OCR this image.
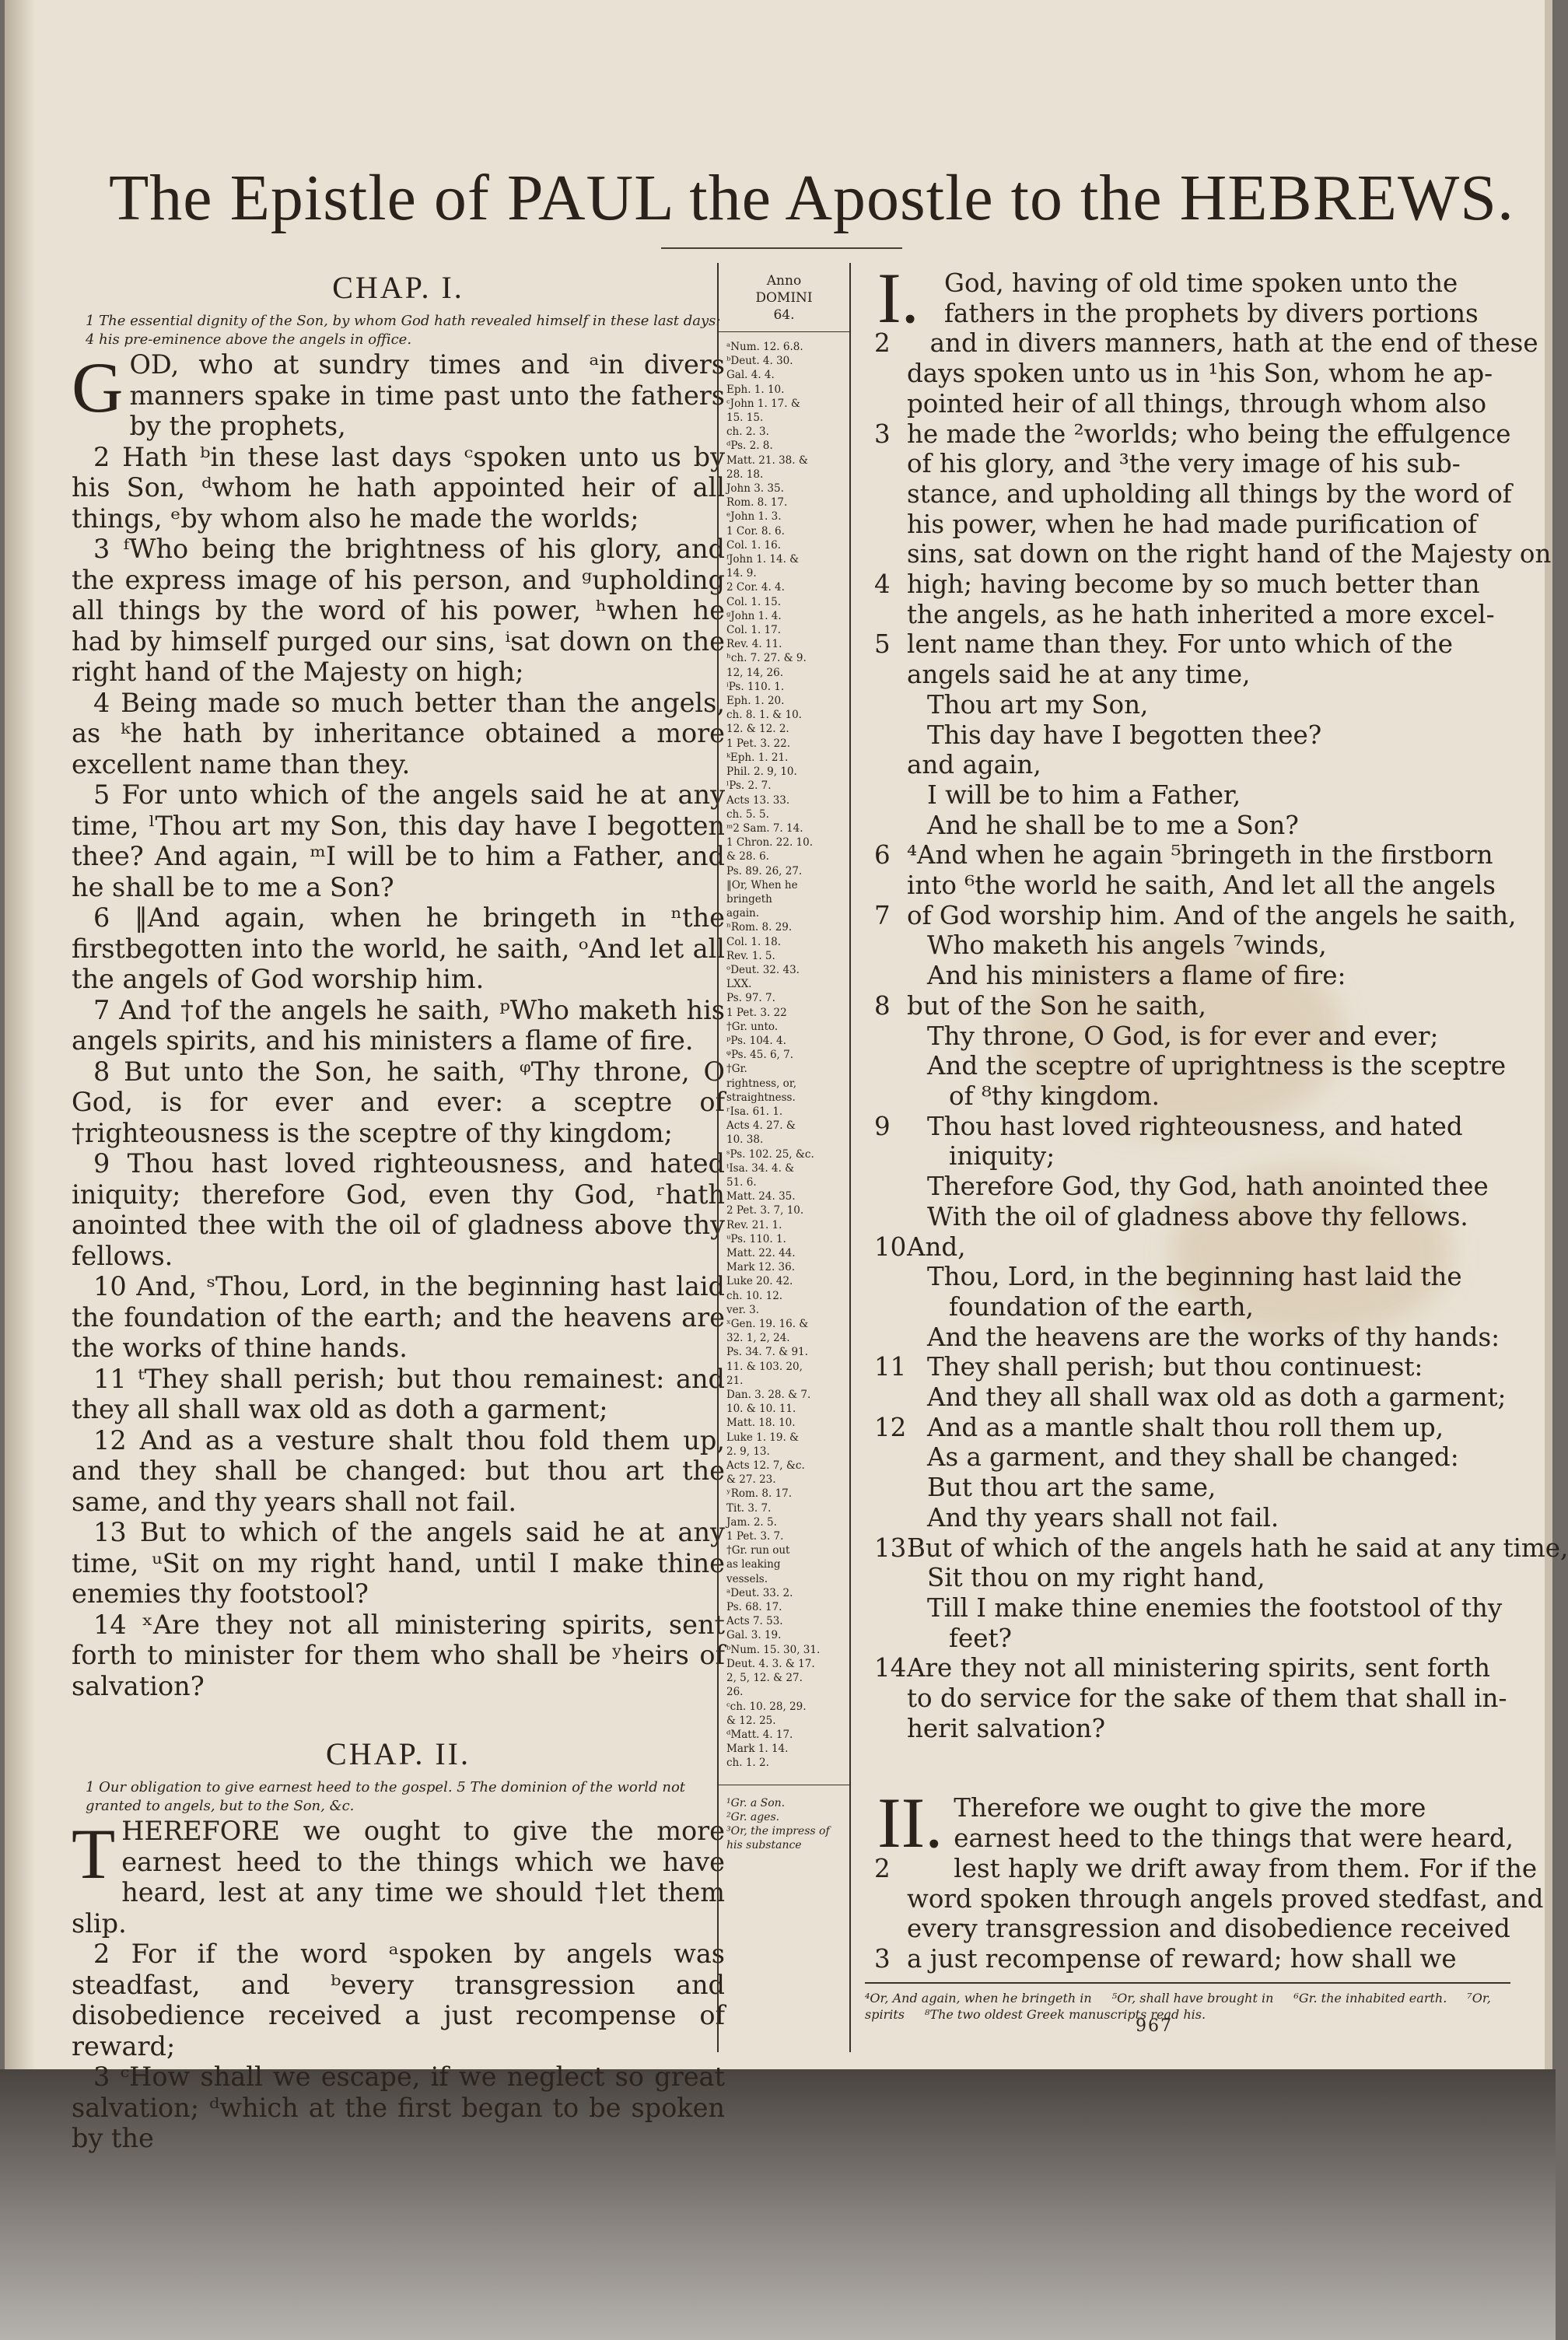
The Epistle of PAUL the Apostle to the HEBREWS.
CHAP. I.

1 The essential dignity of the Son, by whom God hath revealed himself in these last days: 4 his pre-eminence above the angels in office.

G OD, who at sundry times and ᵃin divers manners spake in time past unto the fathers by the prophets,

2 Hath ᵇin these last days ᶜspoken unto us by his Son, ᵈwhom he hath appointed heir of all things, ᵉby whom also he made the worlds;

3 ᶠWho being the brightness of his glory, and the express image of his person, and ᵍupholding all things by the word of his power, ʰwhen he had by himself purged our sins, ⁱsat down on the right hand of the Majesty on high;

4 Being made so much better than the angels, as ᵏhe hath by inheritance obtained a more excellent name than they.

5 For unto which of the angels said he at any time, ˡThou art my Son, this day have I begotten thee? And again, ᵐI will be to him a Father, and he shall be to me a Son?

6 ‖And again, when he bringeth in ⁿthe firstbegotten into the world, he saith, ᵒAnd let all the angels of God worship him.

7 And †of the angels he saith, ᵖWho maketh his angels spirits, and his ministers a flame of fire.

8 But unto the Son, he saith, ᵠThy throne, O God, is for ever and ever: a sceptre of †righteousness is the sceptre of thy kingdom;

9 Thou hast loved righteousness, and hated iniquity; therefore God, even thy God, ʳhath anointed thee with the oil of gladness above thy fellows.

10 And, ˢThou, Lord, in the beginning hast laid the foundation of the earth; and the heavens are the works of thine hands.

11 ᵗThey shall perish; but thou remainest: and they all shall wax old as doth a garment;

12 And as a vesture shalt thou fold them up, and they shall be changed: but thou art the same, and thy years shall not fail.

13 But to which of the angels said he at any time, ᵘSit on my right hand, until I make thine enemies thy footstool?

14 ˣAre they not all ministering spirits, sent forth to minister for them who shall be ʸheirs of salvation?

CHAP. II.

1 Our obligation to give earnest heed to the gospel. 5 The dominion of the world not granted to angels, but to the Son, &c.

T HEREFORE we ought to give the more earnest heed to the things which we have heard, lest at any time we should †let them slip.

2 For if the word ᵃspoken by angels was steadfast, and ᵇevery transgression and disobedience received a just recompense of reward;

3 ᶜHow shall we escape, if we neglect so great salvation; ᵈwhich at the first began to be spoken by the

Anno
DOMINI
64.
ᵃNum. 12. 6.8.
ᵇDeut. 4. 30.
Gal. 4. 4.
Eph. 1. 10.
ᶜJohn 1. 17. &
15. 15.
ch. 2. 3.
ᵈPs. 2. 8.
Matt. 21. 38. &
28. 18.
John 3. 35.
Rom. 8. 17.
ᵉJohn 1. 3.
1 Cor. 8. 6.
Col. 1. 16.
ᶠJohn 1. 14. &
14. 9.
2 Cor. 4. 4.
Col. 1. 15.
ᵍJohn 1. 4.
Col. 1. 17.
Rev. 4. 11.
ʰch. 7. 27. & 9.
12, 14, 26.
ⁱPs. 110. 1.
Eph. 1. 20.
ch. 8. 1. & 10.
12. & 12. 2.
1 Pet. 3. 22.
ᵏEph. 1. 21.
Phil. 2. 9, 10.
ˡPs. 2. 7.
Acts 13. 33.
ch. 5. 5.
ᵐ2 Sam. 7. 14.
1 Chron. 22. 10.
& 28. 6.
Ps. 89. 26, 27.
‖Or, When he
bringeth
again.
ⁿRom. 8. 29.
Col. 1. 18.
Rev. 1. 5.
ᵒDeut. 32. 43.
LXX.
Ps. 97. 7.
1 Pet. 3. 22
†Gr. unto.
ᵖPs. 104. 4.
ᵠPs. 45. 6, 7.
†Gr.
rightness, or,
straightness.
ʳIsa. 61. 1.
Acts 4. 27. &
10. 38.
ˢPs. 102. 25, &c.
ᵗIsa. 34. 4. &
51. 6.
Matt. 24. 35.
2 Pet. 3. 7, 10.
Rev. 21. 1.
ᵘPs. 110. 1.
Matt. 22. 44.
Mark 12. 36.
Luke 20. 42.
ch. 10. 12.
ver. 3.
ˣGen. 19. 16. &
32. 1, 2, 24.
Ps. 34. 7. & 91.
11. & 103. 20,
21.
Dan. 3. 28. & 7.
10. & 10. 11.
Matt. 18. 10.
Luke 1. 19. &
2. 9, 13.
Acts 12. 7, &c.
& 27. 23.
ʸRom. 8. 17.
Tit. 3. 7.
Jam. 2. 5.
1 Pet. 3. 7.
†Gr. run out
as leaking
vessels.
ᵃDeut. 33. 2.
Ps. 68. 17.
Acts 7. 53.
Gal. 3. 19.
ᵇNum. 15. 30, 31.
Deut. 4. 3. & 17.
2, 5, 12. & 27.
26.
ᶜch. 10. 28, 29.
& 12. 25.
ᵈMatt. 4. 17.
Mark 1. 14.
ch. 1. 2.
¹Gr. a Son.
²Gr. ages.
³Or, the impress of his substance
I. God, having of old time spoken unto the
fathers in the prophets by divers portions
2 and in divers manners, hath at the end of these
days spoken unto us in ¹his Son, whom he ap-
pointed heir of all things, through whom also
3 he made the ²worlds; who being the effulgence
of his glory, and ³the very image of his sub-
stance, and upholding all things by the word of
his power, when he had made purification of
sins, sat down on the right hand of the Majesty on
4 high; having become by so much better than
the angels, as he hath inherited a more excel-
5 lent name than they. For unto which of the
angels said he at any time,
Thou art my Son,
This day have I begotten thee?
and again,
I will be to him a Father,
And he shall be to me a Son?
6 ⁴And when he again ⁵bringeth in the firstborn
into ⁶the world he saith, And let all the angels
7 of God worship him. And of the angels he saith,
Who maketh his angels ⁷winds,
And his ministers a flame of fire:
8 but of the Son he saith,
Thy throne, O God, is for ever and ever;
And the sceptre of uprightness is the sceptre
of ⁸thy kingdom.
9 Thou hast loved righteousness, and hated
iniquity;
Therefore God, thy God, hath anointed thee
With the oil of gladness above thy fellows.
10 And,
Thou, Lord, in the beginning hast laid the
foundation of the earth,
And the heavens are the works of thy hands:
11 They shall perish; but thou continuest:
And they all shall wax old as doth a garment;
12 And as a mantle shalt thou roll them up,
As a garment, and they shall be changed:
But thou art the same,
And thy years shall not fail.
13 But of which of the angels hath he said at any time,
Sit thou on my right hand,
Till I make thine enemies the footstool of thy
feet?
14 Are they not all ministering spirits, sent forth
to do service for the sake of them that shall in-
herit salvation?
II. Therefore we ought to give the more
earnest heed to the things that were heard,
2	lest haply we drift away from them. For if the
word spoken through angels proved stedfast, and
every transgression and disobedience received
3 a just recompense of reward; how shall we
⁴Or, And again, when he bringeth in ⁵Or, shall have brought in ⁶Gr. the inhabited earth. ⁷Or, spirits ⁸The two oldest Greek manuscripts read his.
967
